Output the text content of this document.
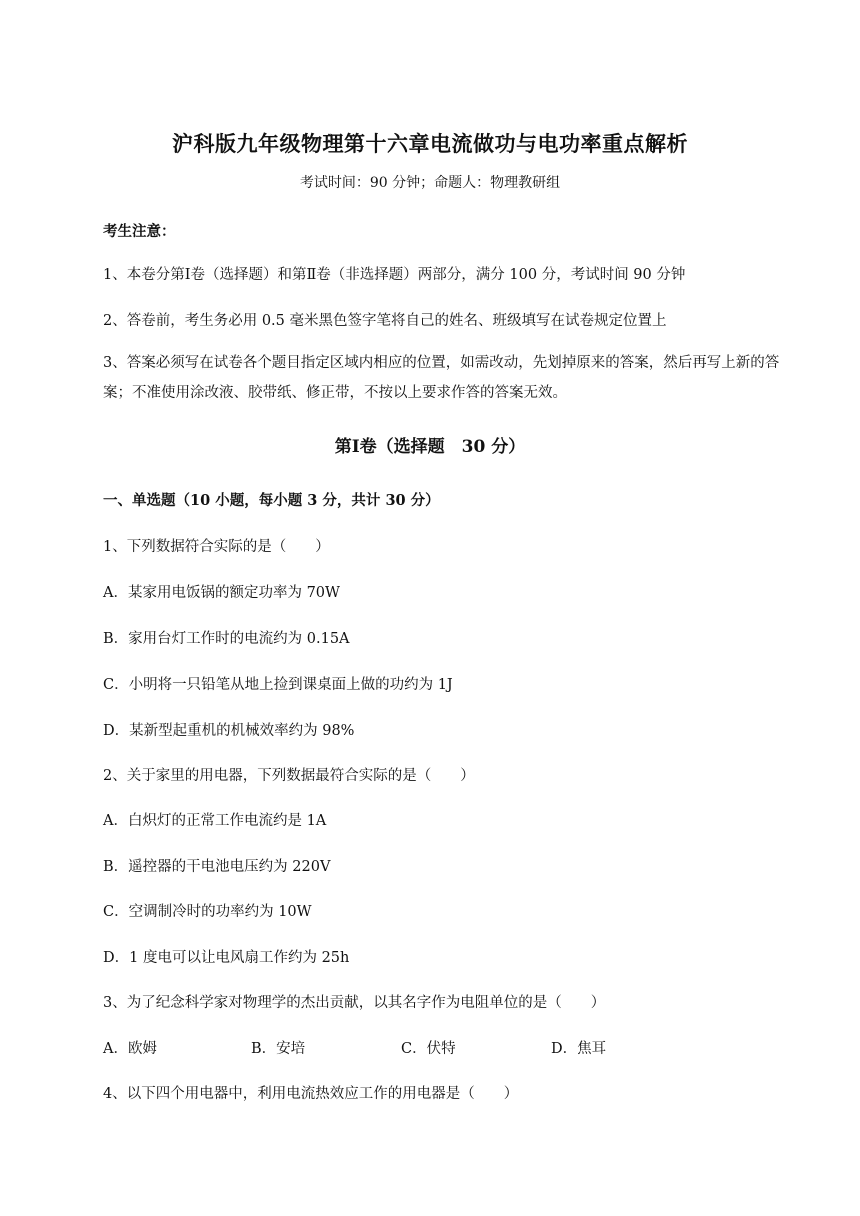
沪科版九年级物理第十六章电流做功与电功率重点解析
考试时间：90 分钟；命题人：物理教研组
考生注意：
1、本卷分第Ⅰ卷（选择题）和第Ⅱ卷（非选择题）两部分，满分 100 分，考试时间 90 分钟
2、答卷前，考生务必用 0.5 毫米黑色签字笔将自己的姓名、班级填写在试卷规定位置上
3、答案必须写在试卷各个题目指定区域内相应的位置，如需改动，先划掉原来的答案，然后再写上新的答案；不准使用涂改液、胶带纸、修正带，不按以上要求作答的答案无效。
第Ⅰ卷（选择题　30 分）
一、单选题（10 小题，每小题 3 分，共计 30 分）
1、下列数据符合实际的是（　　）
A．某家用电饭锅的额定功率为 70W
B．家用台灯工作时的电流约为 0.15A
C．小明将一只铅笔从地上捡到课桌面上做的功约为 1J
D．某新型起重机的机械效率约为 98%
2、关于家里的用电器，下列数据最符合实际的是（　　）
A．白炽灯的正常工作电流约是 1A
B．遥控器的干电池电压约为 220V
C．空调制冷时的功率约为 10W
D．1 度电可以让电风扇工作约为 25h
3、为了纪念科学家对物理学的杰出贡献，以其名字作为电阻单位的是（　　）
A．欧姆	B．安培	C．伏特	D．焦耳
4、以下四个用电器中，利用电流热效应工作的用电器是（　　）
